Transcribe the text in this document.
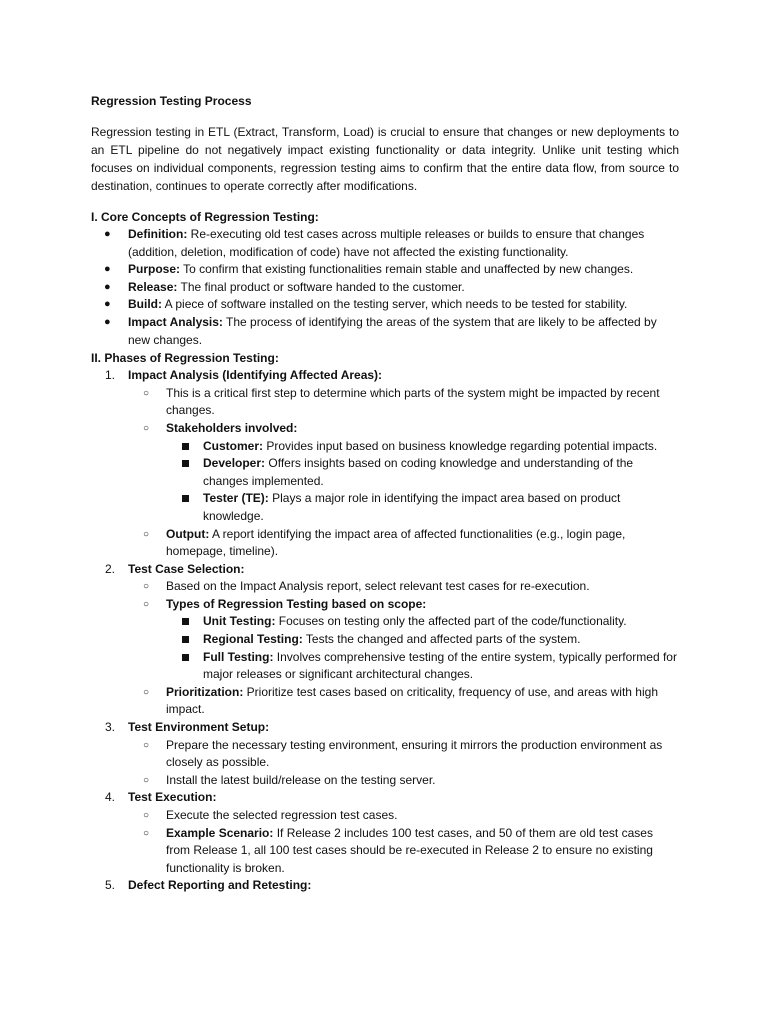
Regression Testing Process

Regression testing in ETL (Extract, Transform, Load) is crucial to ensure that changes or new deployments to an ETL pipeline do not negatively impact existing functionality or data integrity. Unlike unit testing which focuses on individual components, regression testing aims to confirm that the entire data flow, from source to destination, continues to operate correctly after modifications.

I. Core Concepts of Regression Testing:

● Definition: Re-executing old test cases across multiple releases or builds to ensure that changes (addition, deletion, modification of code) have not affected the existing functionality.
● Purpose: To confirm that existing functionalities remain stable and unaffected by new changes.
● Release: The final product or software handed to the customer.
● Build: A piece of software installed on the testing server, which needs to be tested for stability.
● Impact Analysis: The process of identifying the areas of the system that are likely to be affected by new changes.

II. Phases of Regression Testing:

1. Impact Analysis (Identifying Affected Areas):
○ This is a critical first step to determine which parts of the system might be impacted by recent changes.
○ Stakeholders involved:
Customer: Provides input based on business knowledge regarding potential impacts.
Developer: Offers insights based on coding knowledge and understanding of the changes implemented.
Tester (TE): Plays a major role in identifying the impact area based on product knowledge.
○ Output: A report identifying the impact area of affected functionalities (e.g., login page, homepage, timeline).
2. Test Case Selection:
○ Based on the Impact Analysis report, select relevant test cases for re-execution.
○ Types of Regression Testing based on scope:
Unit Testing: Focuses on testing only the affected part of the code/functionality.
Regional Testing: Tests the changed and affected parts of the system.
Full Testing: Involves comprehensive testing of the entire system, typically performed for major releases or significant architectural changes.
○ Prioritization: Prioritize test cases based on criticality, frequency of use, and areas with high impact.
3. Test Environment Setup:
○ Prepare the necessary testing environment, ensuring it mirrors the production environment as closely as possible.
○ Install the latest build/release on the testing server.
4. Test Execution:
○ Execute the selected regression test cases.
○ Example Scenario: If Release 2 includes 100 test cases, and 50 of them are old test cases from Release 1, all 100 test cases should be re-executed in Release 2 to ensure no existing functionality is broken.
5. Defect Reporting and Retesting:
